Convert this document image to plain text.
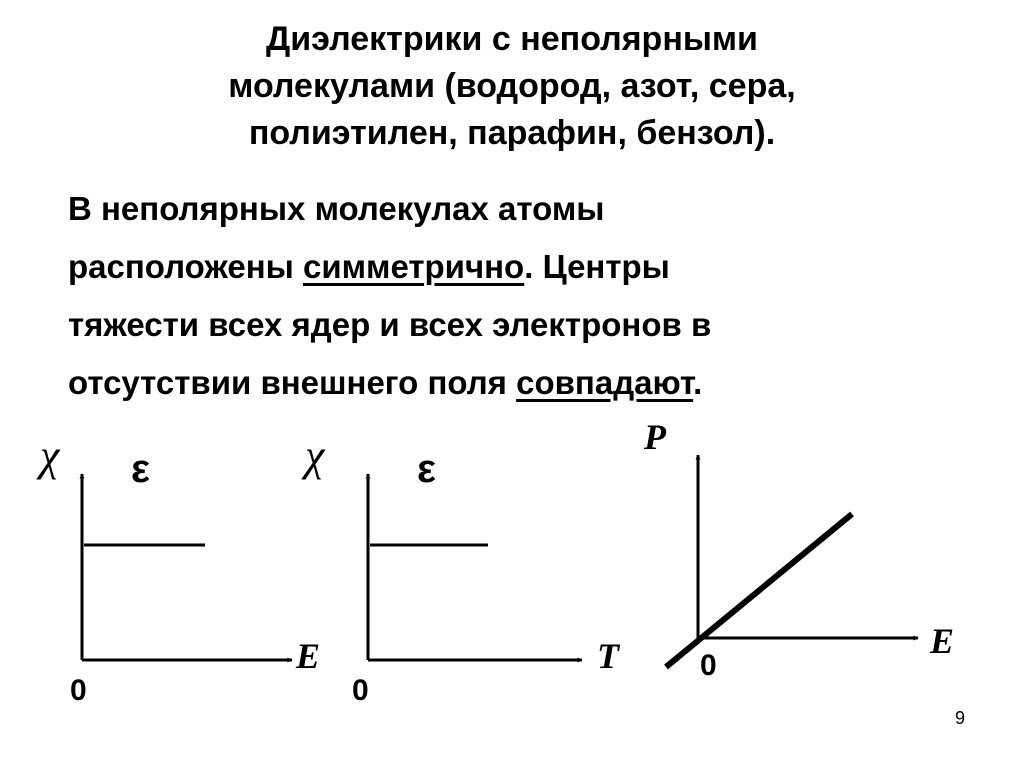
Диэлектрики с неполярными
молекулами (водород, азот, сера,
полиэтилен, парафин, бензол).
В неполярных молекулах атомы
расположены симметрично. Центры
тяжести всех ядер и всех электронов в
отсутствии внешнего поля совпадают.
χ ε
E
0
χ ε
T
0
P
E
0
9
